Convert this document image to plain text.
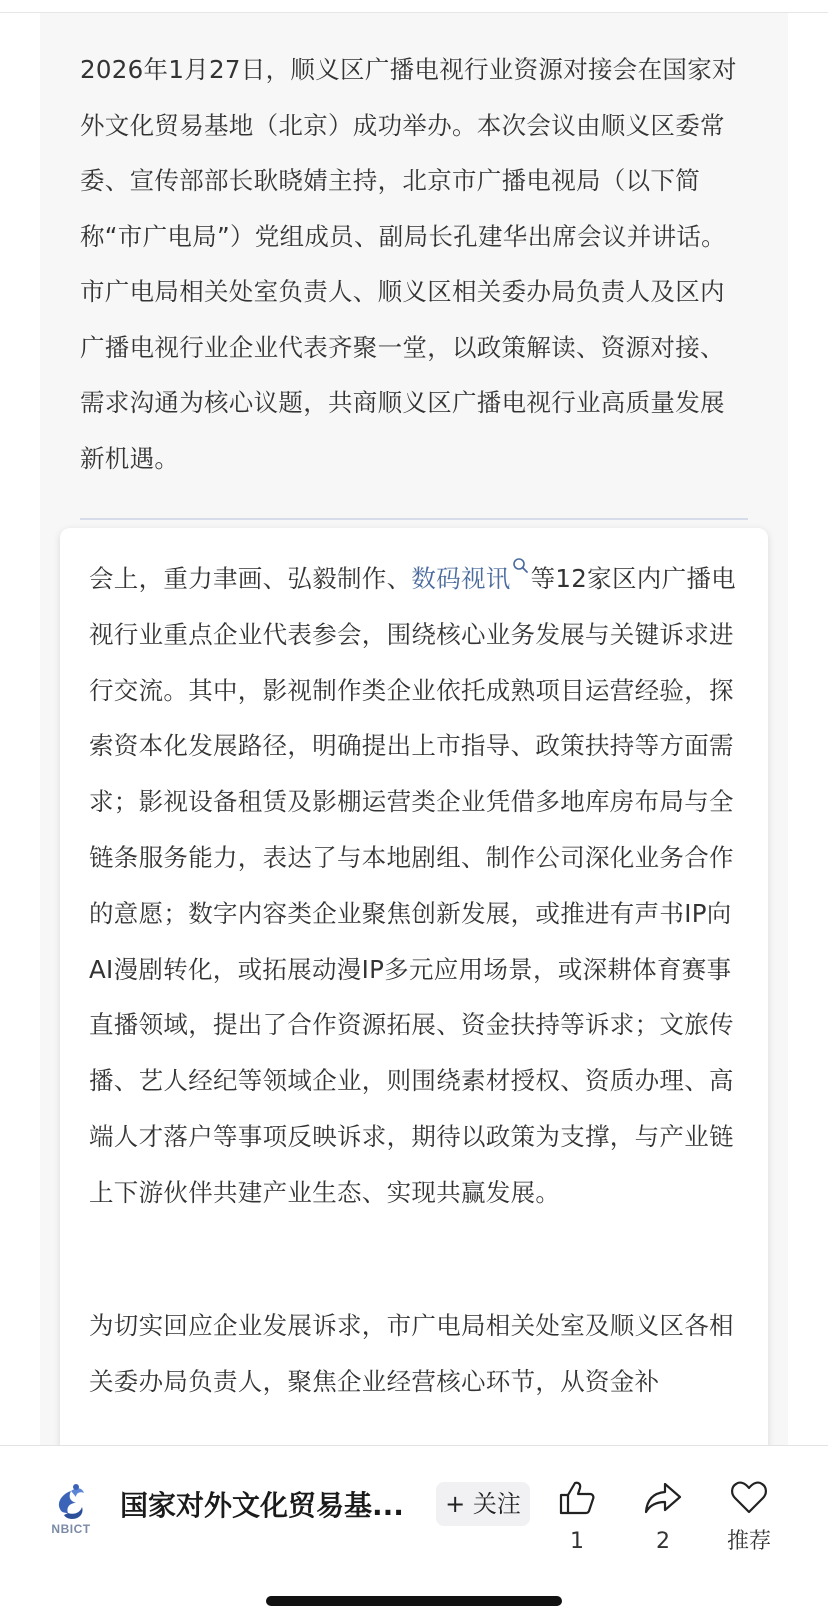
2026年1月27日，顺义区广播电视行业资源对接会在国家对外文化贸易基地（北京）成功举办。本次会议由顺义区委常委、宣传部部长耿晓婧主持，北京市广播电视局（以下简称“市广电局”）党组成员、副局长孔建华出席会议并讲话。市广电局相关处室负责人、顺义区相关委办局负责人及区内广播电视行业企业代表齐聚一堂，以政策解读、资源对接、需求沟通为核心议题，共商顺义区广播电视行业高质量发展新机遇。

会上，重力聿画、弘毅制作、数码视讯 等12家区内广播电视行业重点企业代表参会，围绕核心业务发展与关键诉求进行交流。其中，影视制作类企业依托成熟项目运营经验，探索资本化发展路径，明确提出上市指导、政策扶持等方面需求；影视设备租赁及影棚运营类企业凭借多地库房布局与全链条服务能力，表达了与本地剧组、制作公司深化业务合作的意愿；数字内容类企业聚焦创新发展，或推进有声书IP向AI漫剧转化，或拓展动漫IP多元应用场景，或深耕体育赛事直播领域，提出了合作资源拓展、资金扶持等诉求；文旅传播、艺人经纪等领域企业，则围绕素材授权、资质办理、高端人才落户等事项反映诉求，期待以政策为支撑，与产业链上下游伙伴共建产业生态、实现共赢发展。

为切实回应企业发展诉求，市广电局相关处室及顺义区各相关委办局负责人，聚焦企业经营核心环节，从资金补

NBICT
国家对外文化贸易基...	+ 关注
1	2	推荐
